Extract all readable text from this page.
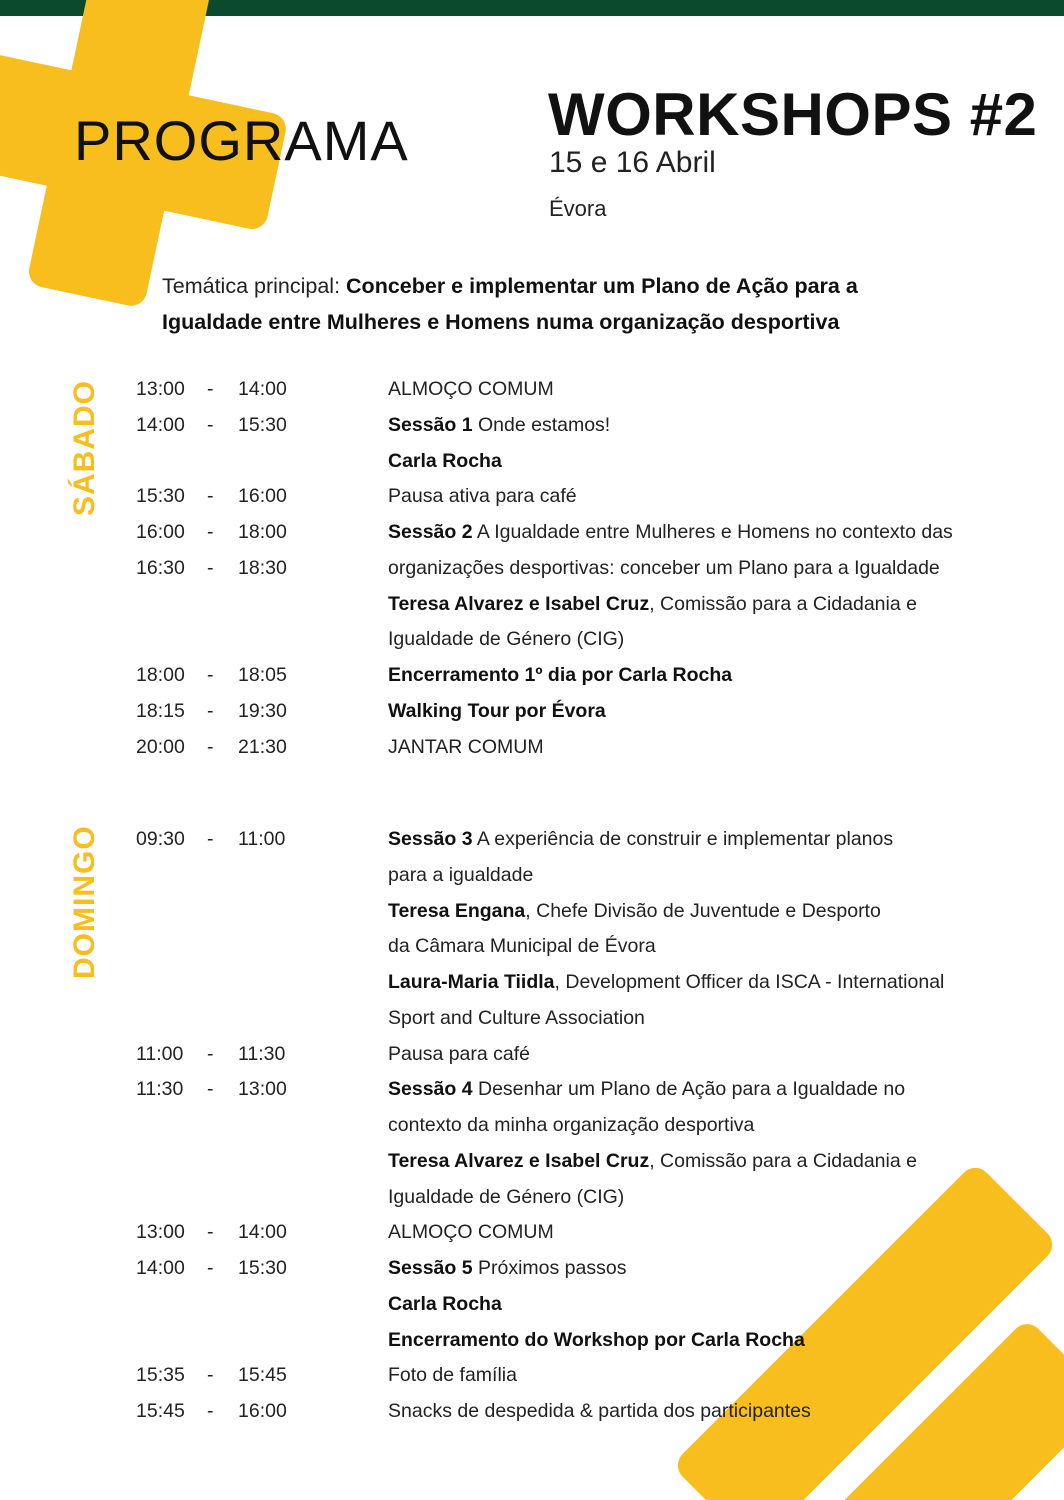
PROGRAMA WORKSHOPS #2
15 e 16 Abril
Évora
Temática principal: Conceber e implementar um Plano de Ação para a Igualdade entre Mulheres e Homens numa organização desportiva
SÁBADO
DOMINGO
13:00 - 14:00	ALMOÇO COMUM
14:00 - 15:30	Sessão 1 Onde estamos!
Carla Rocha
15:30 - 16:00	Pausa ativa para café
16:00 - 18:00	Sessão 2 A Igualdade entre Mulheres e Homens no contexto das
16:30 - 18:30	organizações desportivas: conceber um Plano para a Igualdade
Teresa Alvarez e Isabel Cruz, Comissão para a Cidadania e
Igualdade de Género (CIG)
18:00 - 18:05	Encerramento 1º dia por Carla Rocha
18:15 - 19:30	Walking Tour por Évora
20:00 - 21:30	JANTAR COMUM
09:30 - 11:00	Sessão 3 A experiência de construir e implementar planos
para a igualdade
Teresa Engana, Chefe Divisão de Juventude e Desporto
da Câmara Municipal de Évora
Laura-Maria Tiidla, Development Officer da ISCA - International
Sport and Culture Association
11:00 - 11:30	Pausa para café
11:30 - 13:00	Sessão 4 Desenhar um Plano de Ação para a Igualdade no
contexto da minha organização desportiva
Teresa Alvarez e Isabel Cruz, Comissão para a Cidadania e
Igualdade de Género (CIG)
13:00 - 14:00	ALMOÇO COMUM
14:00 - 15:30	Sessão 5 Próximos passos
Carla Rocha
Encerramento do Workshop por Carla Rocha
15:35 - 15:45	Foto de família
15:45 - 16:00	Snacks de despedida & partida dos participantes
